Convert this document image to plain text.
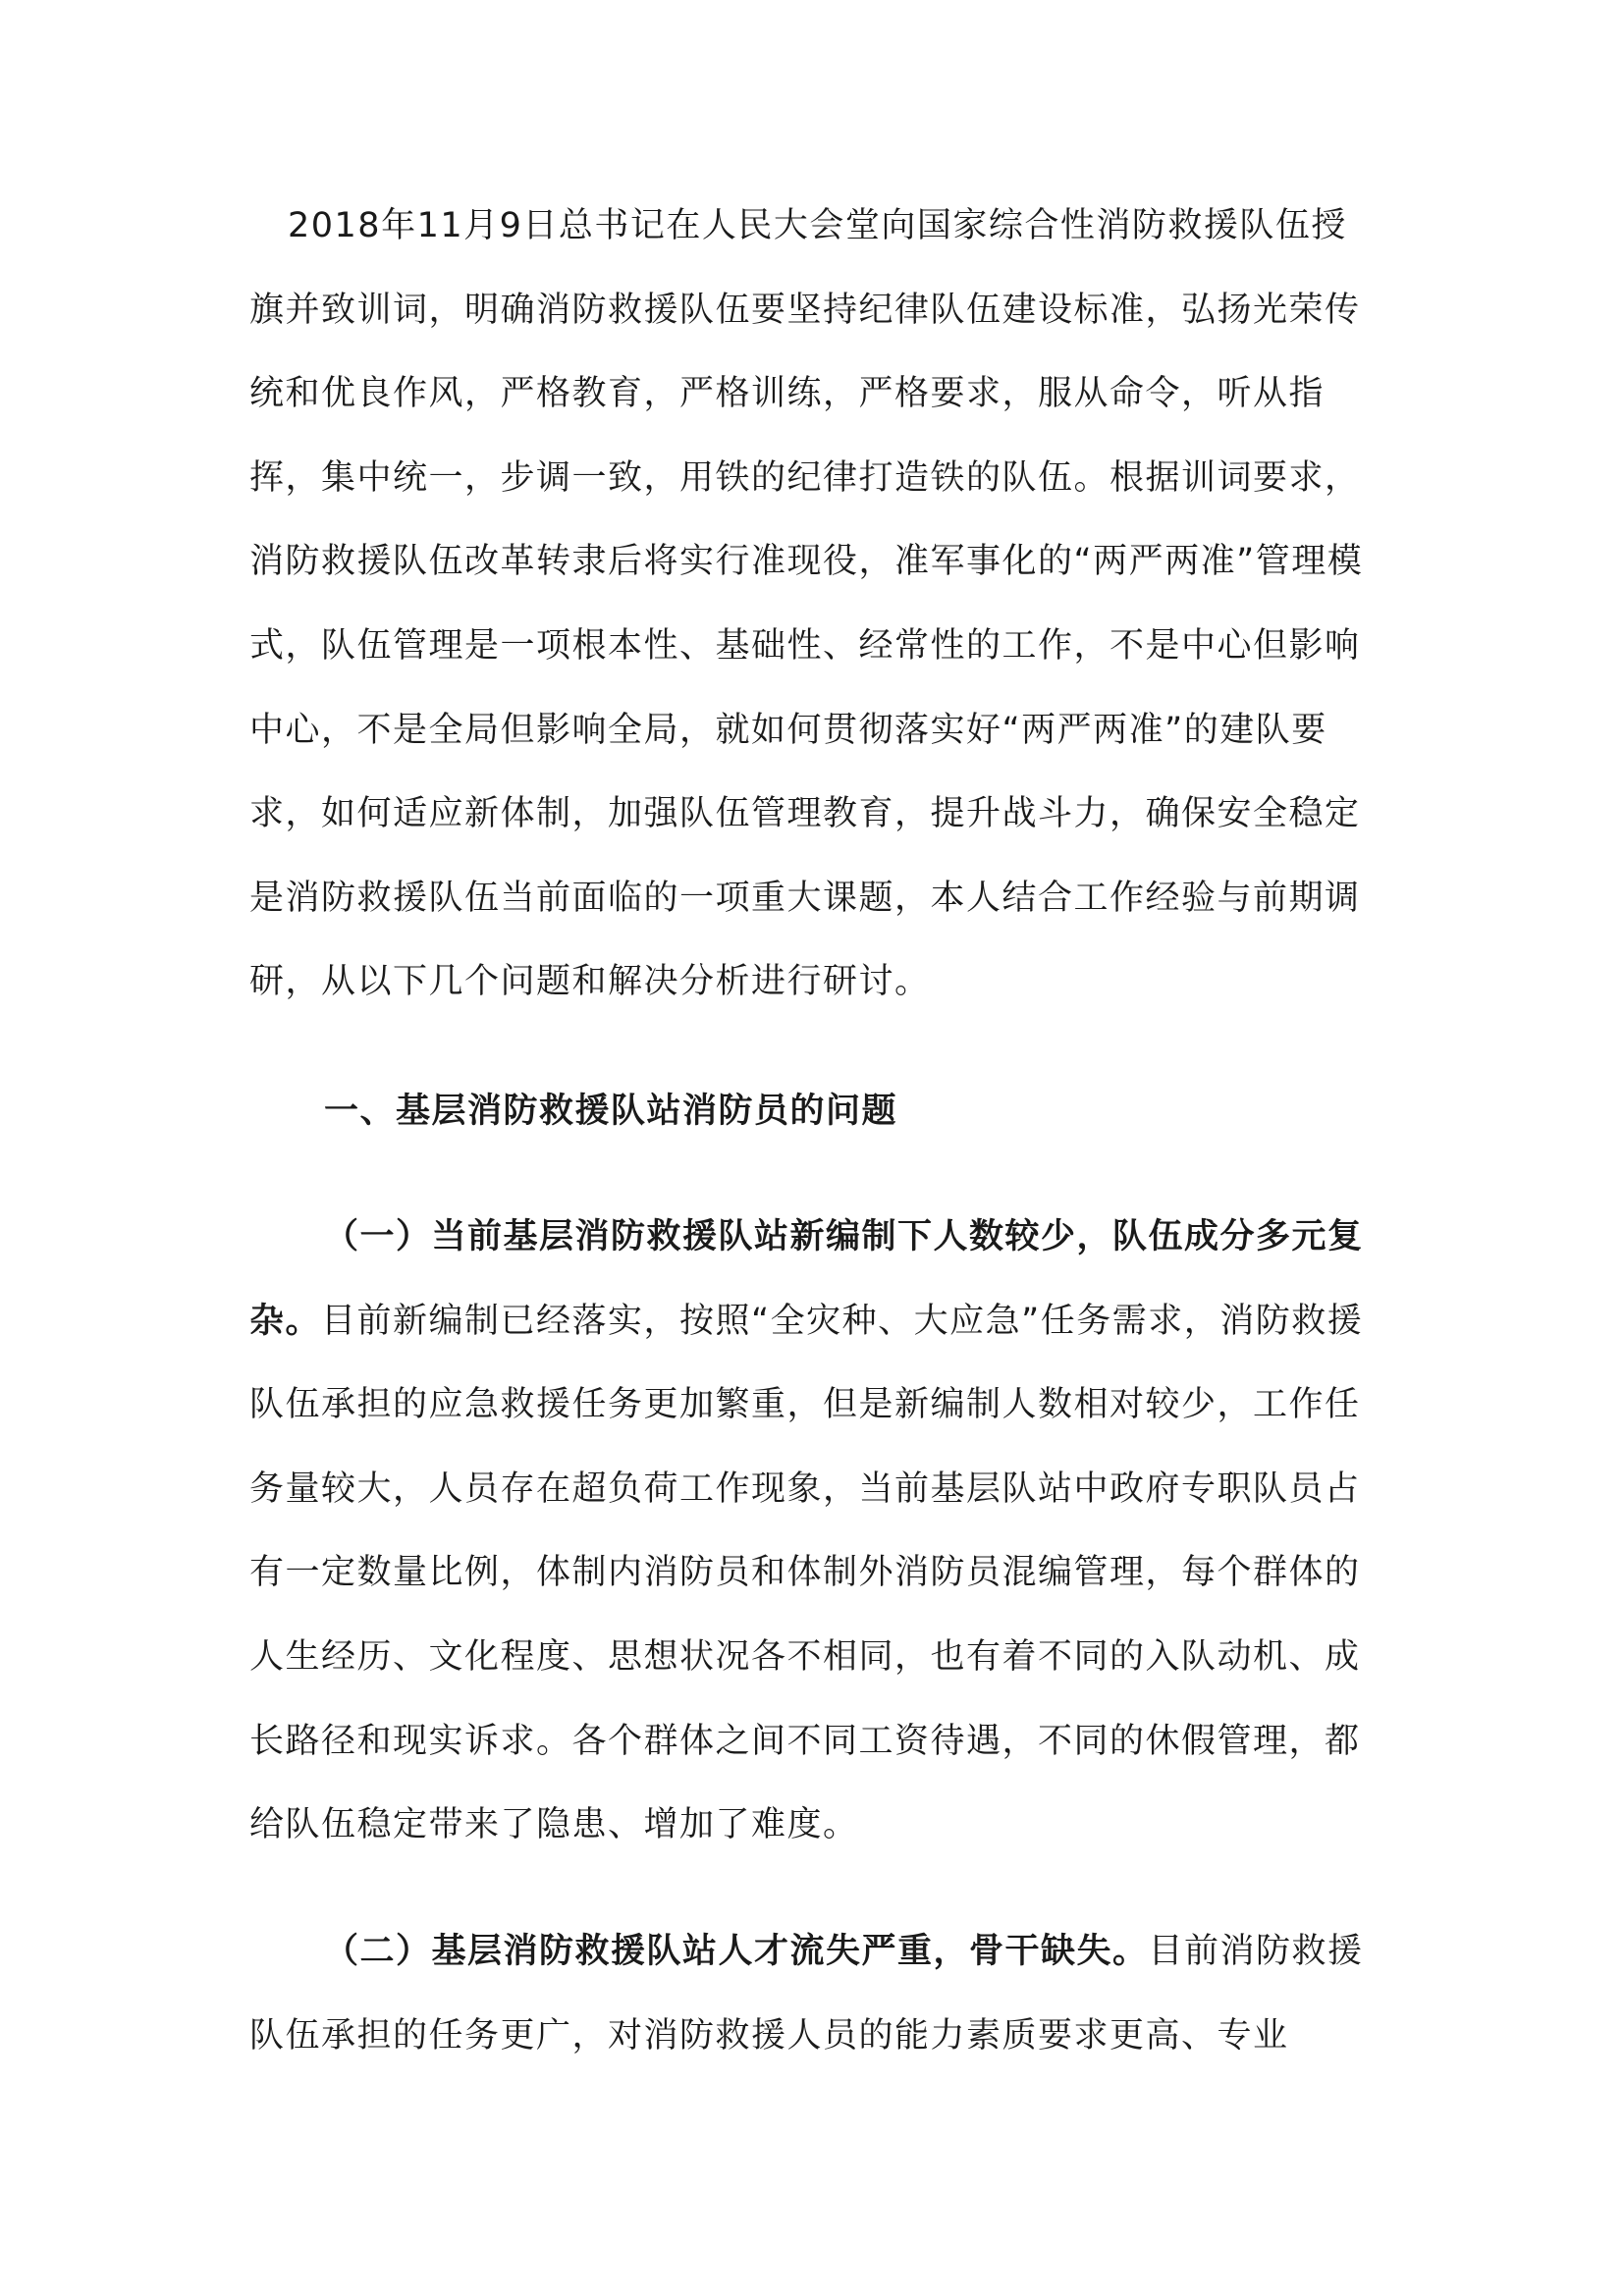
2018年11月9日总书记在人民大会堂向国家综合性消防救援队伍授旗并致训词，明确消防救援队伍要坚持纪律队伍建设标准，弘扬光荣传统和优良作风，严格教育，严格训练，严格要求，服从命令，听从指挥，集中统一，步调一致，用铁的纪律打造铁的队伍。根据训词要求，消防救援队伍改革转隶后将实行准现役，准军事化的“两严两准”管理模式，队伍管理是一项根本性、基础性、经常性的工作，不是中心但影响中心，不是全局但影响全局，就如何贯彻落实好“两严两准”的建队要求，如何适应新体制，加强队伍管理教育，提升战斗力，确保安全稳定是消防救援队伍当前面临的一项重大课题，本人结合工作经验与前期调研，从以下几个问题和解决分析进行研讨。

一、基层消防救援队站消防员的问题

（一）当前基层消防救援队站新编制下人数较少，队伍成分多元复杂。目前新编制已经落实，按照“全灾种、大应急”任务需求，消防救援队伍承担的应急救援任务更加繁重，但是新编制人数相对较少，工作任务量较大，人员存在超负荷工作现象，当前基层队站中政府专职队员占有一定数量比例，体制内消防员和体制外消防员混编管理，每个群体的人生经历、文化程度、思想状况各不相同，也有着不同的入队动机、成长路径和现实诉求。各个群体之间不同工资待遇，不同的休假管理，都给队伍稳定带来了隐患、增加了难度。

（二）基层消防救援队站人才流失严重，骨干缺失。目前消防救援队伍承担的任务更广，对消防救援人员的能力素质要求更高、专业
